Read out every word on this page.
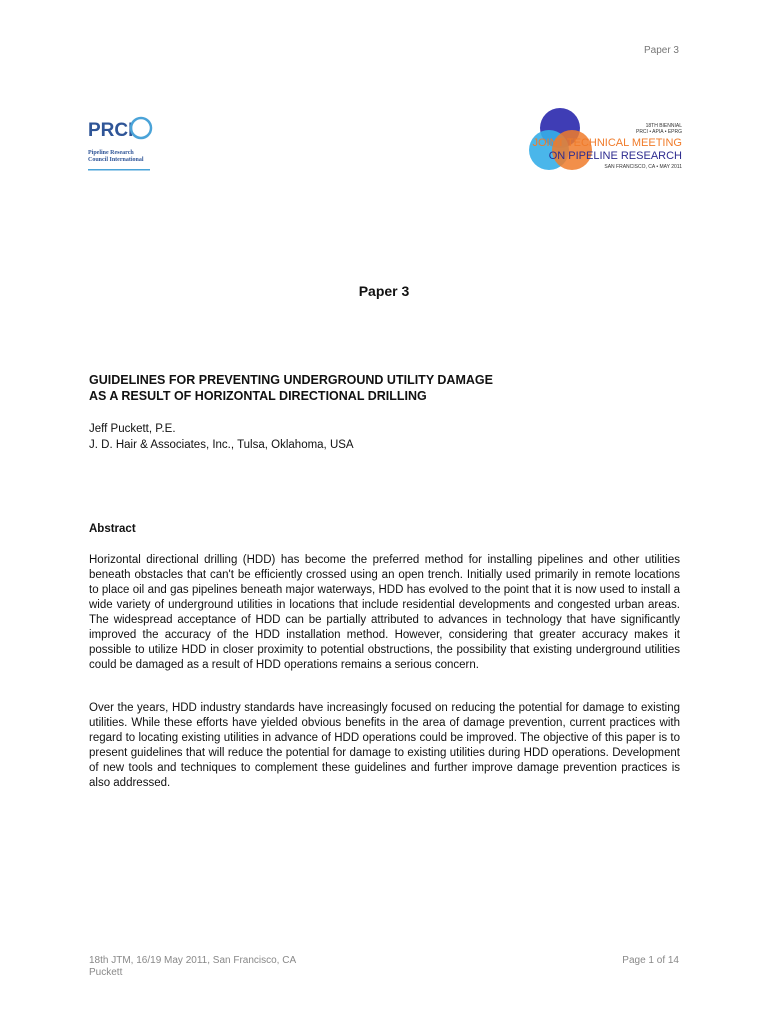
Paper 3
PRCI
Pipeline Research
Council International
18TH BIENNIAL
PRCI • APIA • EPRG
JOINT TECHNICAL MEETING
ON PIPELINE RESEARCH
SAN FRANCISCO, CA • MAY 2011
Paper 3
GUIDELINES FOR PREVENTING UNDERGROUND UTILITY DAMAGE
AS A RESULT OF HORIZONTAL DIRECTIONAL DRILLING
Jeff Puckett, P.E.
J. D. Hair & Associates, Inc., Tulsa, Oklahoma, USA
Abstract

Horizontal directional drilling (HDD) has become the preferred method for installing pipelines and other utilities beneath obstacles that can't be efficiently crossed using an open trench. Initially used primarily in remote locations to place oil and gas pipelines beneath major waterways, HDD has evolved to the point that it is now used to install a wide variety of underground utilities in locations that include residential developments and congested urban areas. The widespread acceptance of HDD can be partially attributed to advances in technology that have significantly improved the accuracy of the HDD installation method. However, considering that greater accuracy makes it possible to utilize HDD in closer proximity to potential obstructions, the possibility that existing underground utilities could be damaged as a result of HDD operations remains a serious concern.

Over the years, HDD industry standards have increasingly focused on reducing the potential for damage to existing utilities. While these efforts have yielded obvious benefits in the area of damage prevention, current practices with regard to locating existing utilities in advance of HDD operations could be improved. The objective of this paper is to present guidelines that will reduce the potential for damage to existing utilities during HDD operations. Development of new tools and techniques to complement these guidelines and further improve damage prevention practices is also addressed.

18th JTM, 16/19 May 2011, San Francisco, CA
Puckett
Page 1 of 14
